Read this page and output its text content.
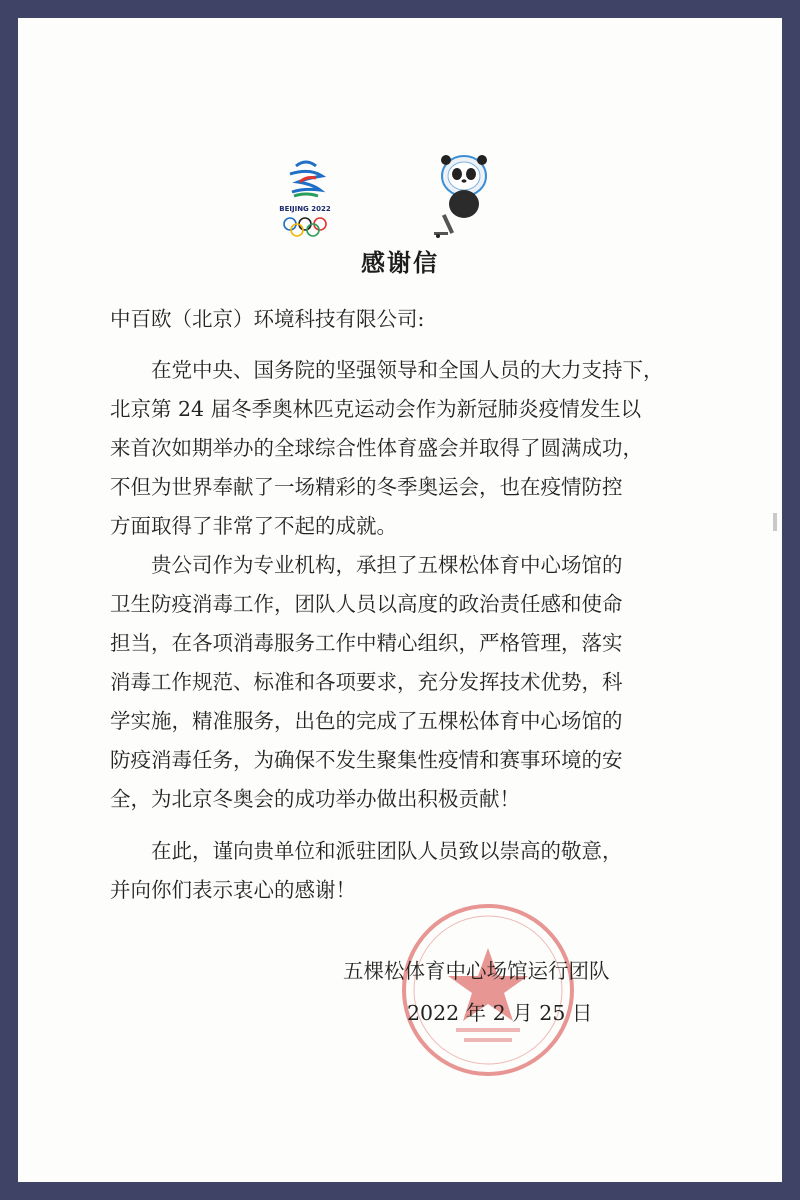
BEIJING 2022
感谢信
中百欧（北京）环境科技有限公司:
在党中央、国务院的坚强领导和全国人员的大力支持下，
北京第 24 届冬季奥林匹克运动会作为新冠肺炎疫情发生以
来首次如期举办的全球综合性体育盛会并取得了圆满成功，
不但为世界奉献了一场精彩的冬季奥运会，也在疫情防控
方面取得了非常了不起的成就。
贵公司作为专业机构，承担了五棵松体育中心场馆的
卫生防疫消毒工作，团队人员以高度的政治责任感和使命
担当，在各项消毒服务工作中精心组织，严格管理，落实
消毒工作规范、标准和各项要求，充分发挥技术优势，科
学实施，精准服务，出色的完成了五棵松体育中心场馆的
防疫消毒任务，为确保不发生聚集性疫情和赛事环境的安
全，为北京冬奥会的成功举办做出积极贡献！
在此，谨向贵单位和派驻团队人员致以崇高的敬意，
并向你们表示衷心的感谢！
五棵松体育中心场馆运行团队
2022 年 2 月 25 日
